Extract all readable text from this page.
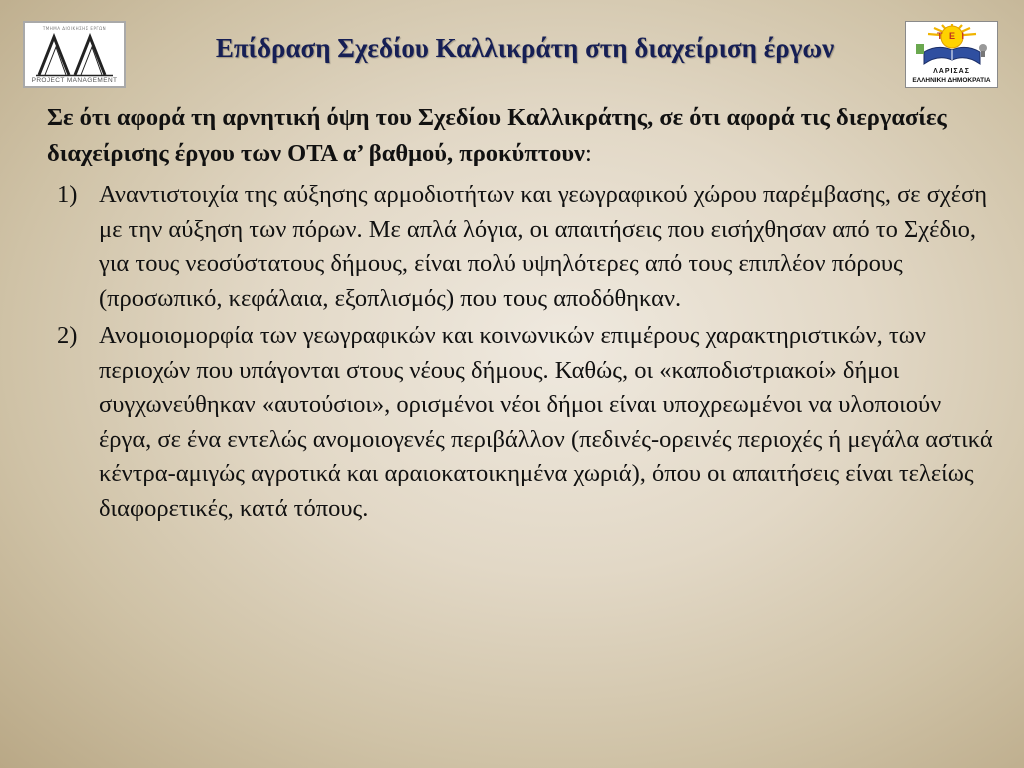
ΤΜΗΜΑ ΔΙΟΙΚΗΣΗΣ ΕΡΓΩΝ
PROJECT MANAGEMENT
Επίδραση Σχεδίου Καλλικράτη στη διαχείριση έργων	Τ Ε Ι
ΛΑΡΙΣΑΣ
ΕΛΛΗΝΙΚΗ ΔΗΜΟΚΡΑΤΙΑ

Σε ότι αφορά τη αρνητική όψη του Σχεδίου Καλλικράτης, σε ότι αφορά τις διεργασίες διαχείρισης έργου των ΟΤΑ α’ βαθμού, προκύπτουν:

1) Αναντιστοιχία της αύξησης αρμοδιοτήτων και γεωγραφικού χώρου παρέμβασης, σε σχέση με την αύξηση των πόρων. Με απλά λόγια, οι απαιτήσεις που εισήχθησαν από το Σχέδιο, για τους νεοσύστατους δήμους, είναι πολύ υψηλότερες από τους επιπλέον πόρους (προσωπικό, κεφάλαια, εξοπλισμός) που τους αποδόθηκαν.
2) Ανομοιομορφία των γεωγραφικών και κοινωνικών επιμέρους χαρακτηριστικών, των περιοχών που υπάγονται στους νέους δήμους. Καθώς, οι «καποδιστριακοί» δήμοι συγχωνεύθηκαν «αυτούσιοι», ορισμένοι νέοι δήμοι είναι υποχρεωμένοι να υλοποιούν έργα, σε ένα εντελώς ανομοιογενές περιβάλλον (πεδινές-ορεινές περιοχές ή μεγάλα αστικά κέντρα-αμιγώς αγροτικά και αραιοκατοικημένα χωριά), όπου οι απαιτήσεις είναι τελείως διαφορετικές, κατά τόπους.
